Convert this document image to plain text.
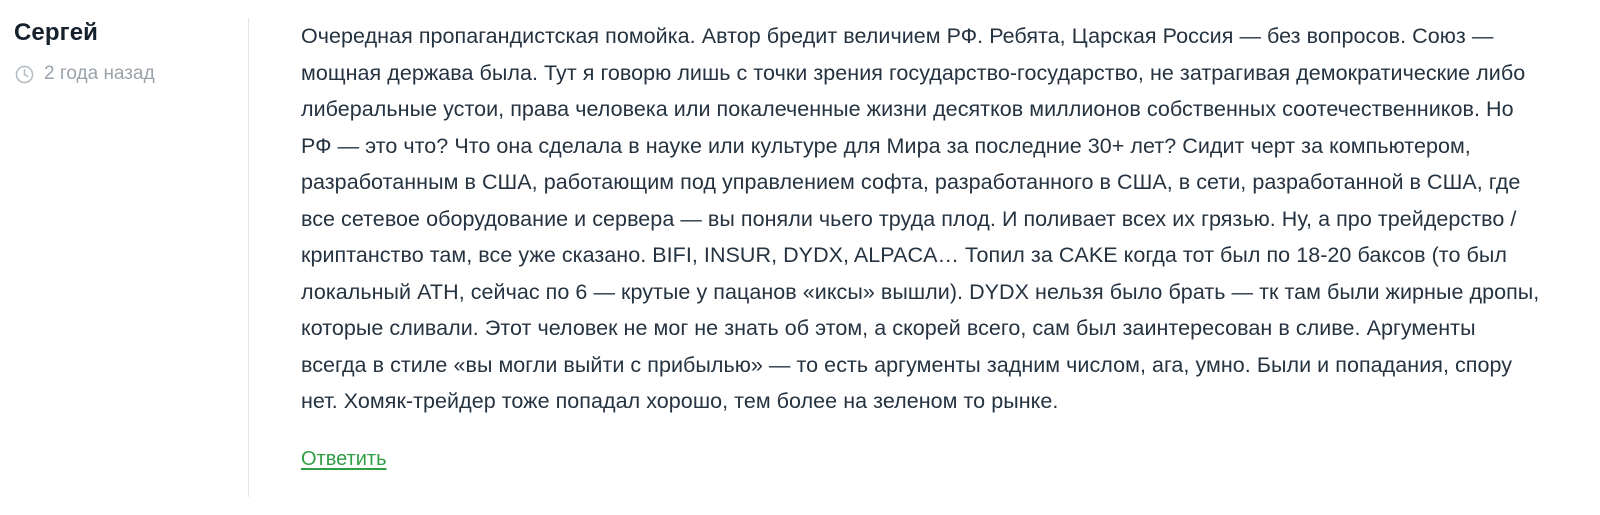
Сергей
2 года назад

Очередная пропагандистская помойка. Автор бредит величием РФ. Ребята, Царская Россия — без вопросов. Союз — мощная держава была. Тут я говорю лишь с точки зрения государство-государство, не затрагивая демократические либо либеральные устои, права человека или покалеченные жизни десятков миллионов собственных соотечественников. Но РФ — это что? Что она сделала в науке или культуре для Мира за последние 30+ лет? Сидит черт за компьютером, разработанным в США, работающим под управлением софта, разработанного в США, в сети, разработанной в США, где все сетевое оборудование и сервера — вы поняли чьего труда плод. И поливает всех их грязью. Ну, а про трейдерство / криптанство там, все уже сказано. BIFI, INSUR, DYDX, ALPACA… Топил за CAKE когда тот был по 18-20 баксов (то был локальный ATH, сейчас по 6 — крутые у пацанов «иксы» вышли). DYDX нельзя было брать — тк там были жирные дропы, которые сливали. Этот человек не мог не знать об этом, а скорей всего, сам был заинтересован в сливе. Аргументы всегда в стиле «вы могли выйти с прибылью» — то есть аргументы задним числом, ага, умно. Были и попадания, спору нет. Хомяк-трейдер тоже попадал хорошо, тем более на зеленом то рынке.

Ответить
